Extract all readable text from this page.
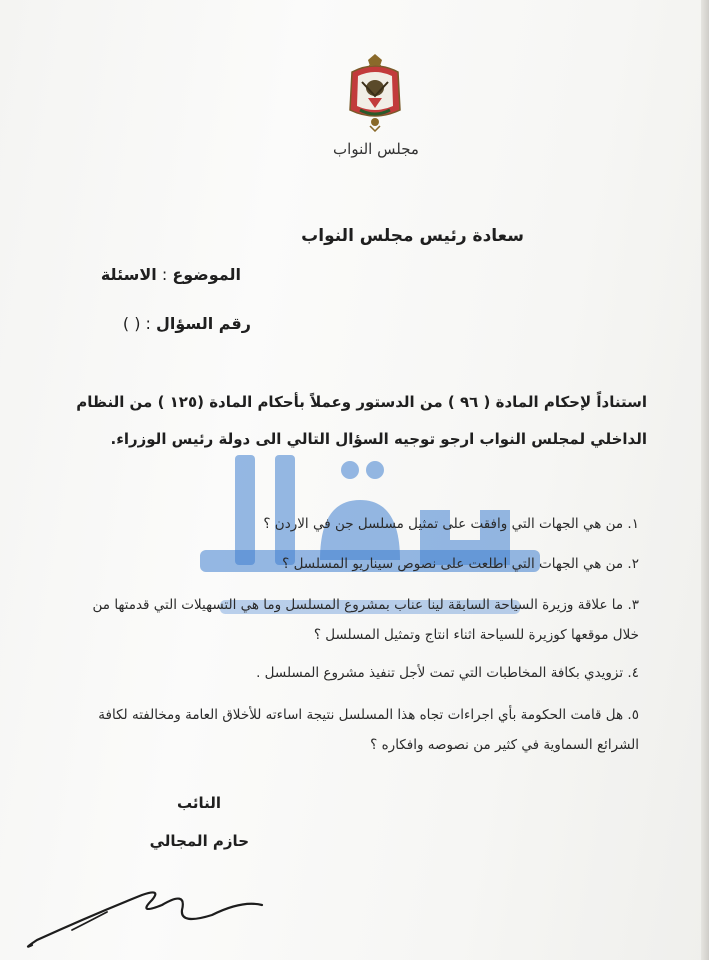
مجلس النواب
سعادة رئيس مجلس النواب
الموضوع : الاسئلة
رقم السؤال : ( )
استناداً لإحكام المادة ( ٩٦ ) من الدستور وعملاً بأحكام المادة (١٢٥ ) من النظام
الداخلي لمجلس النواب ارجو توجيه السؤال التالي الى دولة رئيس الوزراء.
١. من هي الجهات التي وافقت على تمثيل مسلسل جن في الاردن ؟
٢. من هي الجهات التي اطلعت على نصوص سيناريو المسلسل ؟
٣. ما علاقة وزيرة السياحة السابقة لينا عناب بمشروع المسلسل وما هي التسهيلات التي قدمتها من
خلال موقعها كوزيرة للسياحة اثناء انتاج وتمثيل المسلسل ؟
٤. تزويدي بكافة المخاطبات التي تمت لأجل تنفيذ مشروع المسلسل .
٥. هل قامت الحكومة بأي اجراءات تجاه هذا المسلسل نتيجة اساءته للأخلاق العامة ومخالفته لكافة
الشرائع السماوية في كثير من نصوصه وافكاره ؟
النائب
حازم المجالي
